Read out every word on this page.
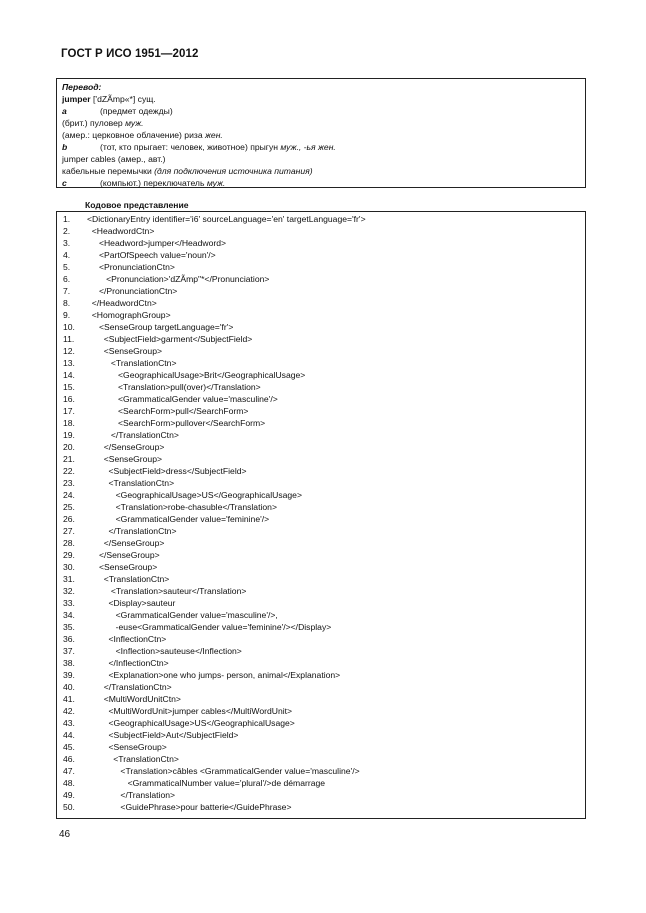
ГОСТ Р ИСО 1951—2012
Перевод:
jumper ['dZÃmp«*] сущ.
a	(предмет одежды)
(брит.) пуловер муж.
(амер.: церковное облачение) риза жен.
b	(тот, кто прыгает: человек, животное) прыгун муж., -ья жен.
jumper cables (амер., авт.)
кабельные перемычки (для подключения источника питания)
c	(компьют.) переключатель муж.
Кодовое представление
1. <DictionaryEntry identifier='i6' sourceLanguage='en' targetLanguage='fr'>
2. <HeadwordCtn>
3. <Headword>jumper</Headword>
4. <PartOfSpeech value='noun'/>
5. <PronunciationCtn>
6. <Pronunciation>'dZÃmp"*</Pronunciation>
7. </PronunciationCtn>
8. </HeadwordCtn>
9. <HomographGroup>
10. <SenseGroup targetLanguage='fr'>
11. <SubjectField>garment</SubjectField>
12. <SenseGroup>
13. <TranslationCtn>
14. <GeographicalUsage>Brit</GeographicalUsage>
15. <Translation>pull(over)</Translation>
16. <GrammaticalGender value='masculine'/>
17. <SearchForm>pull</SearchForm>
18. <SearchForm>pullover</SearchForm>
19. </TranslationCtn>
20. </SenseGroup>
21. <SenseGroup>
22. <SubjectField>dress</SubjectField>
23. <TranslationCtn>
24. <GeographicalUsage>US</GeographicalUsage>
25. <Translation>robe-chasuble</Translation>
26. <GrammaticalGender value='feminine'/>
27. </TranslationCtn>
28. </SenseGroup>
29. </SenseGroup>
30. <SenseGroup>
31. <TranslationCtn>
32. <Translation>sauteur</Translation>
33. <Display>sauteur
34. <GrammaticalGender value='masculine'/>,
35. -euse<GrammaticalGender value='feminine'/></Display>
36. <InflectionCtn>
37. <Inflection>sauteuse</Inflection>
38. </InflectionCtn>
39. <Explanation>one who jumps- person, animal</Explanation>
40. </TranslationCtn>
41. <MultiWordUnitCtn>
42. <MultiWordUnit>jumper cables</MultiWordUnit>
43. <GeographicalUsage>US</GeographicalUsage>
44. <SubjectField>Aut</SubjectField>
45. <SenseGroup>
46. <TranslationCtn>
47. <Translation>câbles <GrammaticalGender value='masculine'/>
48. <GrammaticalNumber value='plural'/>de démarrage
49. </Translation>
50. <GuidePhrase>pour batterie</GuidePhrase>
46
